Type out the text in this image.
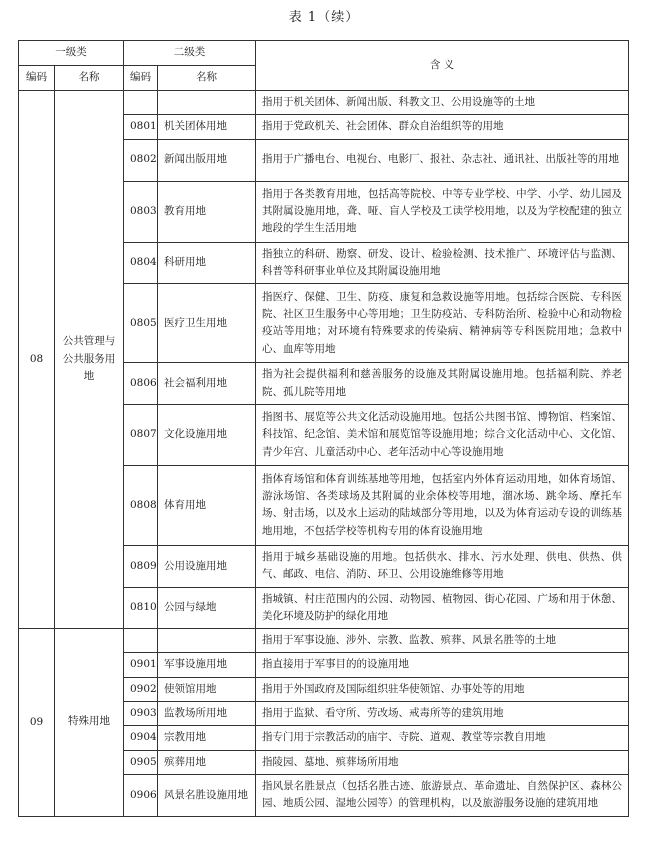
表 1（续）
一级类		二级类		含 义
编码	名称	编码	名称	
08	公共管理与公共服务用地			指用于机关团体、新闻出版、科教文卫、公用设施等的土地
		0801	机关团体用地	指用于党政机关、社会团体、群众自治组织等的用地
		0802	新闻出版用地	指用于广播电台、电视台、电影厂、报社、杂志社、通讯社、出版社等的用地
		0803	教育用地	指用于各类教育用地，包括高等院校、中等专业学校、中学、小学、幼儿园及其附属设施用地，聋、哑、盲人学校及工读学校用地，以及为学校配建的独立地段的学生生活用地
		0804	科研用地	指独立的科研、勘察、研发、设计、检验检测、技术推广、环境评估与监测、科普等科研事业单位及其附属设施用地
		0805	医疗卫生用地	指医疗、保健、卫生、防疫、康复和急救设施等用地。包括综合医院、专科医院、社区卫生服务中心等用地；卫生防疫站、专科防治所、检验中心和动物检疫站等用地；对环境有特殊要求的传染病、精神病等专科医院用地；急救中心、血库等用地
		0806	社会福利用地	指为社会提供福利和慈善服务的设施及其附属设施用地。包括福利院、养老院、孤儿院等用地
		0807	文化设施用地	指图书、展览等公共文化活动设施用地。包括公共图书馆、博物馆、档案馆、科技馆、纪念馆、美术馆和展览馆等设施用地；综合文化活动中心、文化馆、青少年宫、儿童活动中心、老年活动中心等设施用地
		0808	体育用地	指体育场馆和体育训练基地等用地，包括室内外体育运动用地，如体育场馆、游泳场馆、各类球场及其附属的业余体校等用地，溜冰场、跳伞场、摩托车场、射击场，以及水上运动的陆域部分等用地，以及为体育运动专设的训练基地用地，不包括学校等机构专用的体育设施用地
		0809	公用设施用地	指用于城乡基础设施的用地。包括供水、排水、污水处理、供电、供热、供气、邮政、电信、消防、环卫、公用设施维修等用地
		0810	公园与绿地	指城镇、村庄范围内的公园、动物园、植物园、街心花园、广场和用于休憩、美化环境及防护的绿化用地
09	特殊用地			指用于军事设施、涉外、宗教、监教、殡葬、风景名胜等的土地
		0901	军事设施用地	指直接用于军事目的的设施用地
		0902	使领馆用地	指用于外国政府及国际组织驻华使领馆、办事处等的用地
		0903	监教场所用地	指用于监狱、看守所、劳改场、戒毒所等的建筑用地
		0904	宗教用地	指专门用于宗教活动的庙宇、寺院、道观、教堂等宗教自用地
		0905	殡葬用地	指陵园、墓地、殡葬场所用地
		0906	风景名胜设施用地	指风景名胜景点（包括名胜古迹、旅游景点、革命遗址、自然保护区、森林公园、地质公园、湿地公园等）的管理机构，以及旅游服务设施的建筑用地
